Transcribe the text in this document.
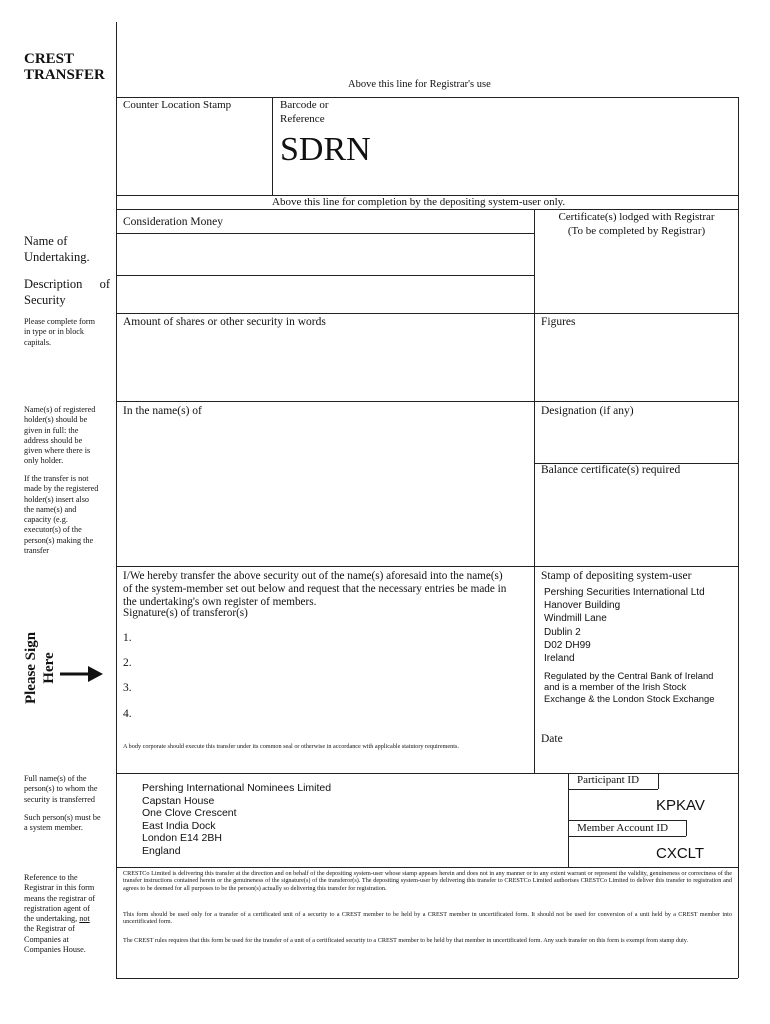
CREST
TRANSFER
Above this line for Registrar's use
Counter Location Stamp	Barcode or
Reference
SDRN
Above this line for completion by the depositing system-user only.
Name of
Undertaking.
Description of
Security
Please complete form
in type or in block
capitals.
Name(s) of registered
holder(s) should be
given in full: the
address should be
given where there is
only holder.
If the transfer is not
made by the registered
holder(s) insert also
the name(s) and
capacity (e.g.
executor(s) of the
person(s) making the
transfer
Please Sign Here
Full name(s) of the
person(s) to whom the
security is transferred
Such person(s) must be
a system member.
Reference to the
Registrar in this form
means the registrar of
registration agent of
the undertaking, not
the Registrar of
Companies at
Companies House.
Consideration Money	Certificate(s) lodged with Registrar
(To be completed by Registrar)
Amount of shares or other security in words	Figures
In the name(s) of	Designation (if any)
Balance certificate(s) required
I/We hereby transfer the above security out of the name(s) aforesaid into the name(s)
of the system-member set out below and request that the necessary entries be made in
the undertaking's own register of members.
Signature(s) of transferor(s)
1.
2.
3.
4.
A body corporate should execute this transfer under its common seal or otherwise in accordance with applicable statutory requirements.
Stamp of depositing system-user
Pershing Securities International Ltd
Hanover Building
Windmill Lane
Dublin 2
D02 DH99
Ireland
Regulated by the Central Bank of Ireland
and is a member of the Irish Stock
Exchange & the London Stock Exchange
Date
Pershing International Nominees Limited
Capstan House
One Clove Crescent
East India Dock
London E14 2BH
England
Participant ID
KPKAV
Member Account ID
CXCLT
CRESTCo Limited is delivering this transfer at the direction and on behalf of the depositing system-user whose stamp appears herein and does not in any manner or to any extent warrant or represent the validity, genuineness or correctness of the transfer instructions contained herein or the genuineness of the signature(s) of the transferor(s). The depositing system-user by delivering this transfer to CRESTCo Limited authorises CRESTCo Limited to deliver this transfer to registration and agrees to be deemed for all purposes to be the person(s) actually so delivering this transfer for registration.
This form should be used only for a transfer of a certificated unit of a security to a CREST member to be held by a CREST member in uncertificated form. It should not be used for conversion of a unit held by a CREST member into uncertificated form.
The CREST rules requires that this form be used for the transfer of a unit of a certificated security to a CREST member to be held by that member in uncertificated form. Any such transfer on this form is exempt from stamp duty.
